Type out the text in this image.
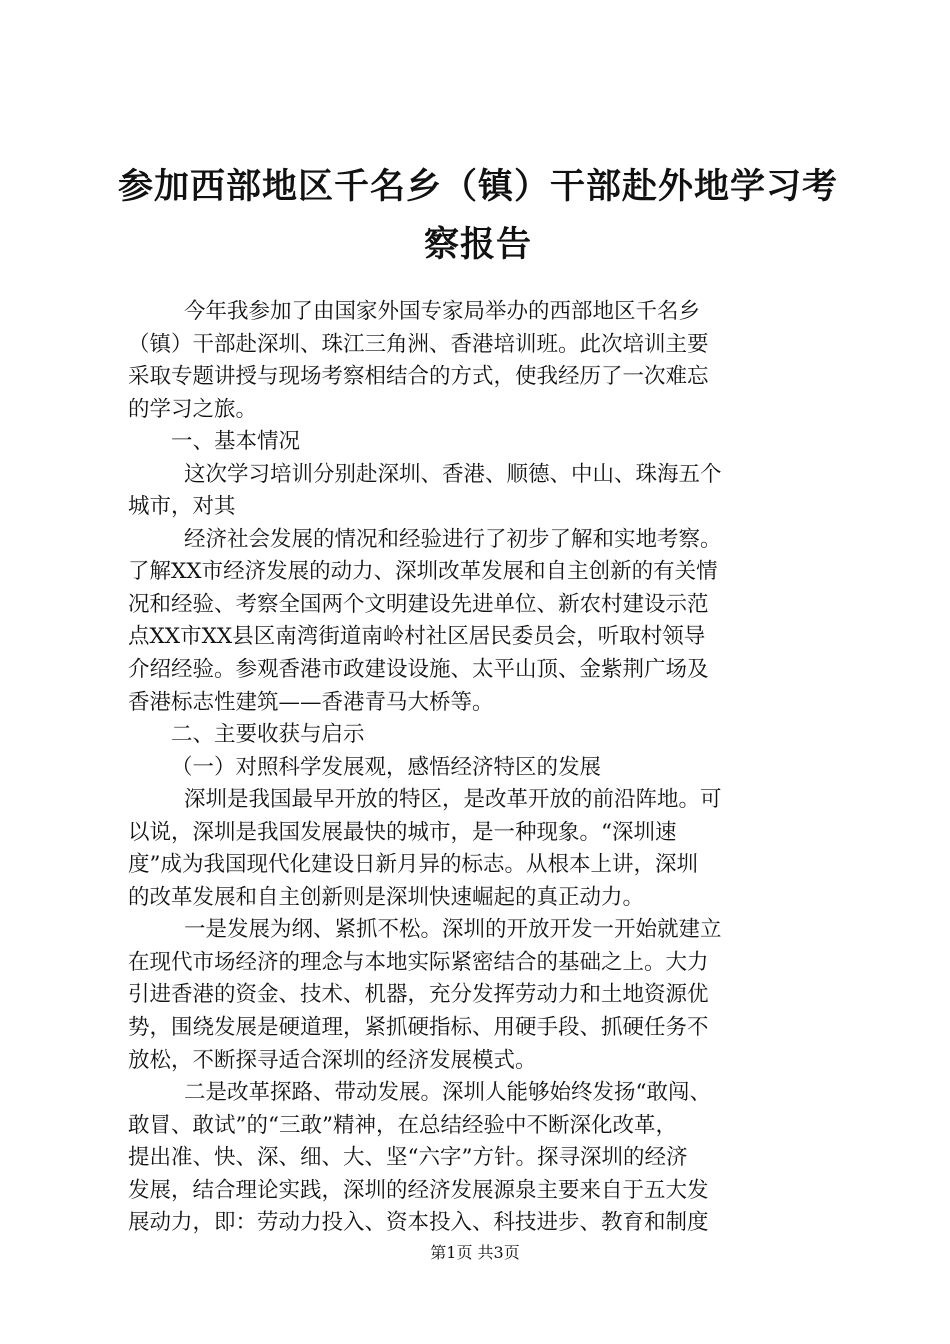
参加西部地区千名乡（镇）干部赴外地学习考
察报告
今年我参加了由国家外国专家局举办的西部地区千名乡
（镇）干部赴深圳、珠江三角洲、香港培训班。此次培训主要
采取专题讲授与现场考察相结合的方式，使我经历了一次难忘
的学习之旅。
一、基本情况
这次学习培训分别赴深圳、香港、顺德、中山、珠海五个
城市，对其
经济社会发展的情况和经验进行了初步了解和实地考察。
了解XX市经济发展的动力、深圳改革发展和自主创新的有关情
况和经验、考察全国两个文明建设先进单位、新农村建设示范
点XX市XX县区南湾街道南岭村社区居民委员会，听取村领导
介绍经验。参观香港市政建设设施、太平山顶、金紫荆广场及
香港标志性建筑——香港青马大桥等。
二、主要收获与启示
（一）对照科学发展观，感悟经济特区的发展
深圳是我国最早开放的特区，是改革开放的前沿阵地。可
以说，深圳是我国发展最快的城市，是一种现象。“深圳速
度”成为我国现代化建设日新月异的标志。从根本上讲，深圳
的改革发展和自主创新则是深圳快速崛起的真正动力。
一是发展为纲、紧抓不松。深圳的开放开发一开始就建立
在现代市场经济的理念与本地实际紧密结合的基础之上。大力
引进香港的资金、技术、机器，充分发挥劳动力和土地资源优
势，围绕发展是硬道理，紧抓硬指标、用硬手段、抓硬任务不
放松，不断探寻适合深圳的经济发展模式。
二是改革探路、带动发展。深圳人能够始终发扬“敢闯、
敢冒、敢试”的“三敢”精神，在总结经验中不断深化改革，
提出准、快、深、细、大、坚“六字”方针。探寻深圳的经济
发展，结合理论实践，深圳的经济发展源泉主要来自于五大发
展动力，即：劳动力投入、资本投入、科技进步、教育和制度
第1页 共3页
